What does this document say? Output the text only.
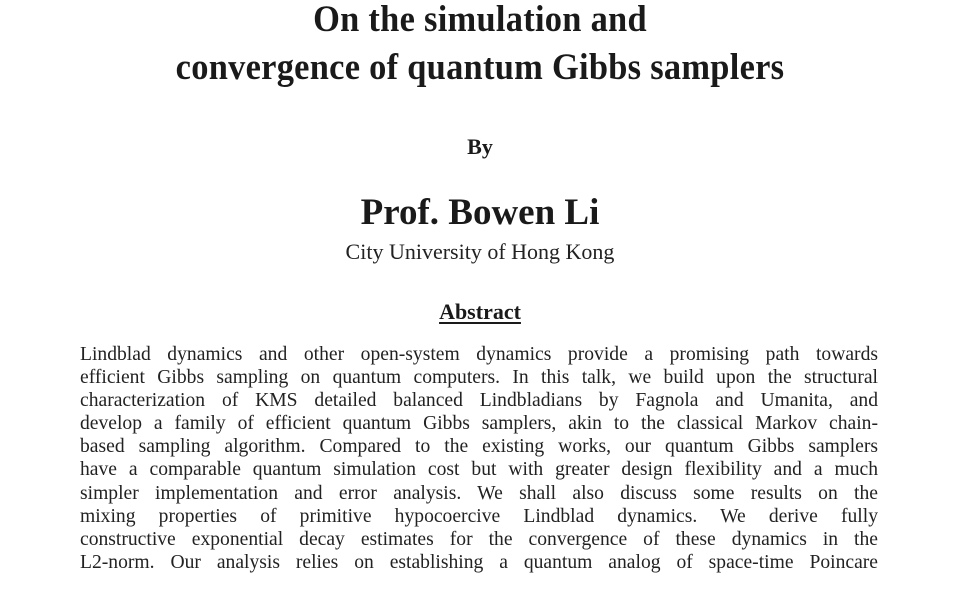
On the simulation and
convergence of quantum Gibbs samplers
By
Prof. Bowen Li
City University of Hong Kong
Abstract
Lindblad dynamics and other open-system dynamics provide a promising path towards
efficient Gibbs sampling on quantum computers. In this talk, we build upon the structural
characterization of KMS detailed balanced Lindbladians by Fagnola and Umanita, and
develop a family of efficient quantum Gibbs samplers, akin to the classical Markov chain-
based sampling algorithm. Compared to the existing works, our quantum Gibbs samplers
have a comparable quantum simulation cost but with greater design flexibility and a much
simpler implementation and error analysis. We shall also discuss some results on the
mixing properties of primitive hypocoercive Lindblad dynamics. We derive fully
constructive exponential decay estimates for the convergence of these dynamics in the
L2-norm. Our analysis relies on establishing a quantum analog of space-time Poincare
